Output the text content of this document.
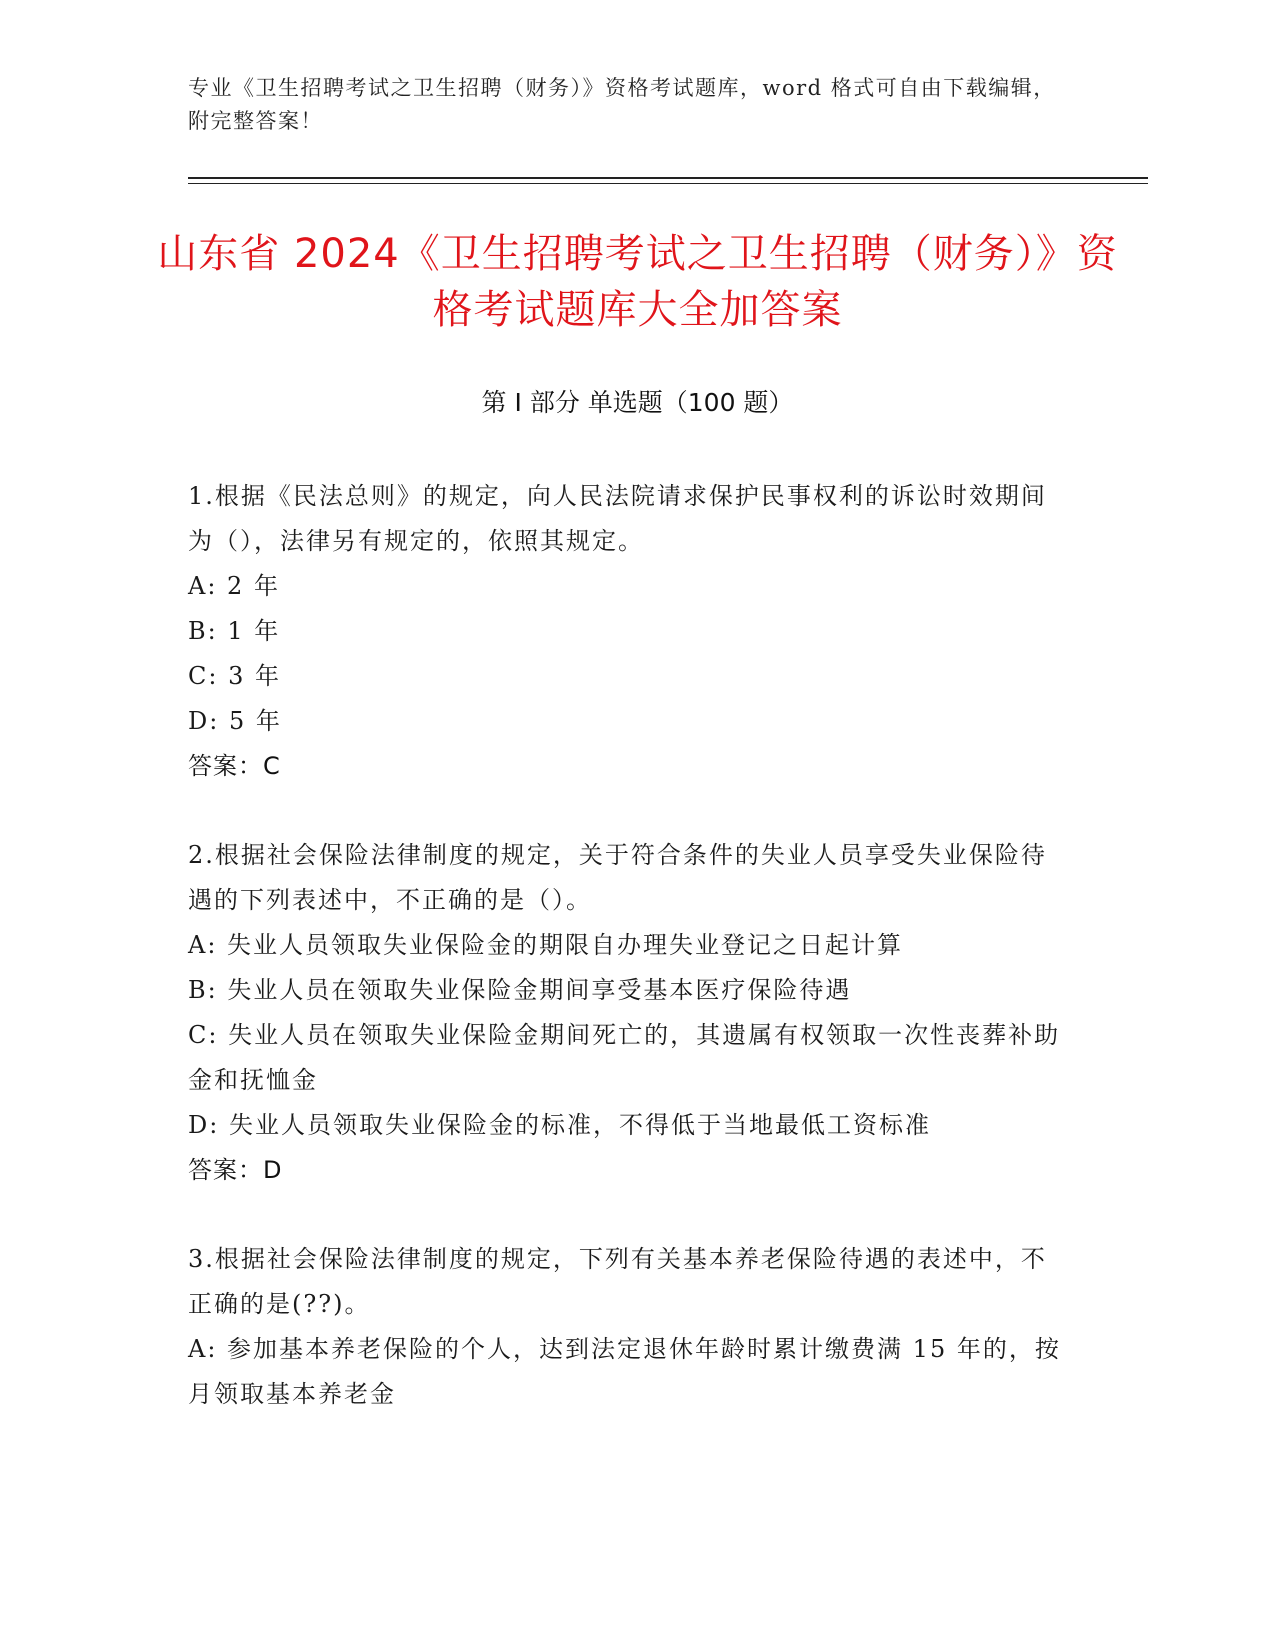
专业《卫生招聘考试之卫生招聘（财务）》资格考试题库，word 格式可自由下载编辑，附完整答案！
山东省 2024《卫生招聘考试之卫生招聘（财务）》资格考试题库大全加答案
第 I 部分 单选题（100 题）

1.根据《民法总则》的规定，向人民法院请求保护民事权利的诉讼时效期间为（），法律另有规定的，依照其规定。

A: 2 年

B: 1 年

C: 3 年

D: 5 年

答案：C

2.根据社会保险法律制度的规定，关于符合条件的失业人员享受失业保险待遇的下列表述中，不正确的是（）。

A: 失业人员领取失业保险金的期限自办理失业登记之日起计算

B: 失业人员在领取失业保险金期间享受基本医疗保险待遇

C: 失业人员在领取失业保险金期间死亡的，其遗属有权领取一次性丧葬补助金和抚恤金

D: 失业人员领取失业保险金的标准，不得低于当地最低工资标准

答案：D

3.根据社会保险法律制度的规定，下列有关基本养老保险待遇的表述中，不正确的是(??)。

A: 参加基本养老保险的个人，达到法定退休年龄时累计缴费满 15 年的，按月领取基本养老金
